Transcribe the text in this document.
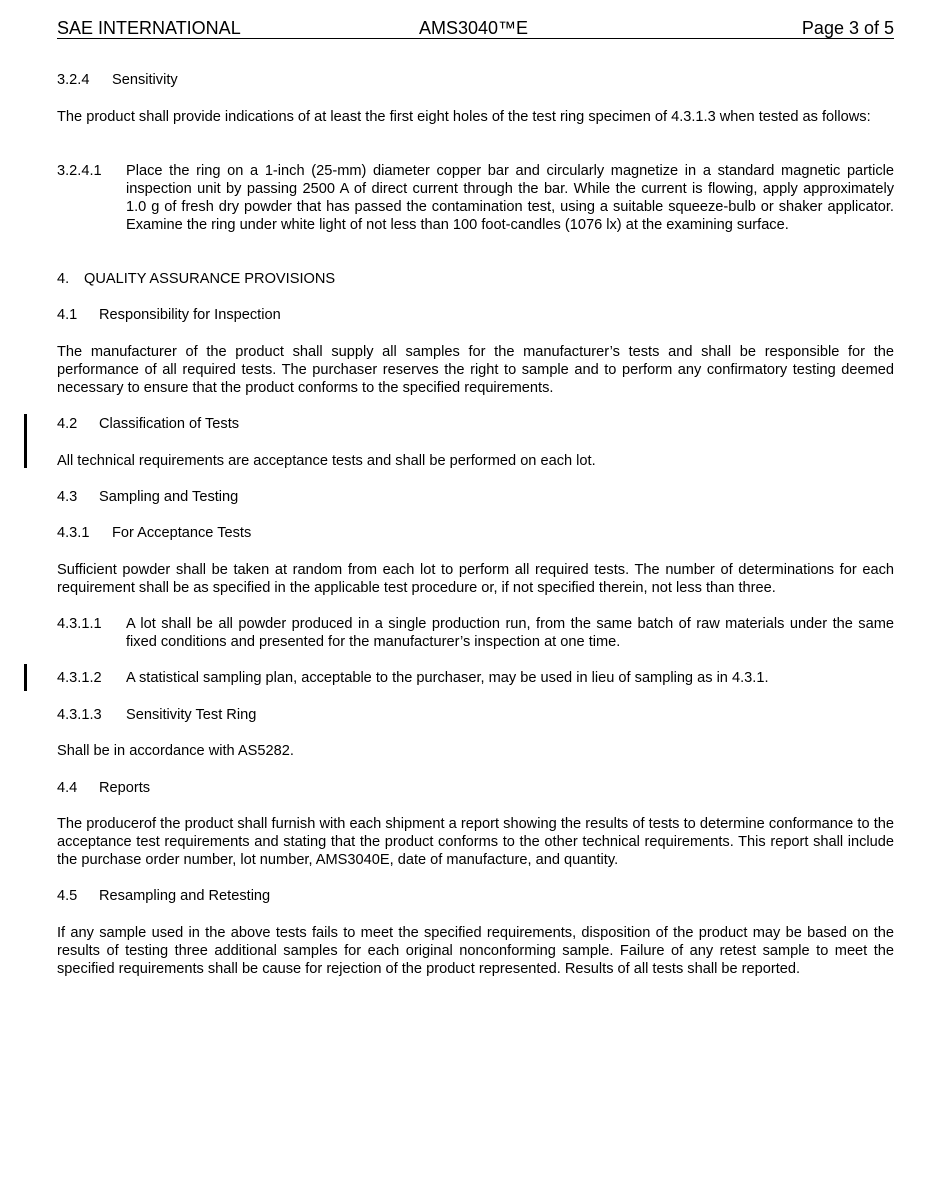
SAE INTERNATIONAL	AMS3040™E	Page 3 of 5
3.2.4 Sensitivity
The product shall provide indications of at least the first eight holes of the test ring specimen of 4.3.1.3 when tested as follows:
3.2.4.1 Place the ring on a 1-inch (25-mm) diameter copper bar and circularly magnetize in a standard magnetic particle inspection unit by passing 2500 A of direct current through the bar. While the current is flowing, apply approximately 1.0 g of fresh dry powder that has passed the contamination test, using a suitable squeeze-bulb or shaker applicator. Examine the ring under white light of not less than 100 foot-candles (1076 lx) at the examining surface.
4. QUALITY ASSURANCE PROVISIONS
4.1 Responsibility for Inspection
The manufacturer of the product shall supply all samples for the manufacturer’s tests and shall be responsible for the performance of all required tests. The purchaser reserves the right to sample and to perform any confirmatory testing deemed necessary to ensure that the product conforms to the specified requirements.
4.2 Classification of Tests
All technical requirements are acceptance tests and shall be performed on each lot.
4.3 Sampling and Testing
4.3.1 For Acceptance Tests
Sufficient powder shall be taken at random from each lot to perform all required tests. The number of determinations for each requirement shall be as specified in the applicable test procedure or, if not specified therein, not less than three.
4.3.1.1 A lot shall be all powder produced in a single production run, from the same batch of raw materials under the same fixed conditions and presented for the manufacturer’s inspection at one time.
4.3.1.2 A statistical sampling plan, acceptable to the purchaser, may be used in lieu of sampling as in 4.3.1.
4.3.1.3 Sensitivity Test Ring
Shall be in accordance with AS5282.
4.4 Reports
The producerof the product shall furnish with each shipment a report showing the results of tests to determine conformance to the acceptance test requirements and stating that the product conforms to the other technical requirements. This report shall include the purchase order number, lot number, AMS3040E, date of manufacture, and quantity.
4.5 Resampling and Retesting
If any sample used in the above tests fails to meet the specified requirements, disposition of the product may be based on the results of testing three additional samples for each original nonconforming sample. Failure of any retest sample to meet the specified requirements shall be cause for rejection of the product represented. Results of all tests shall be reported.
